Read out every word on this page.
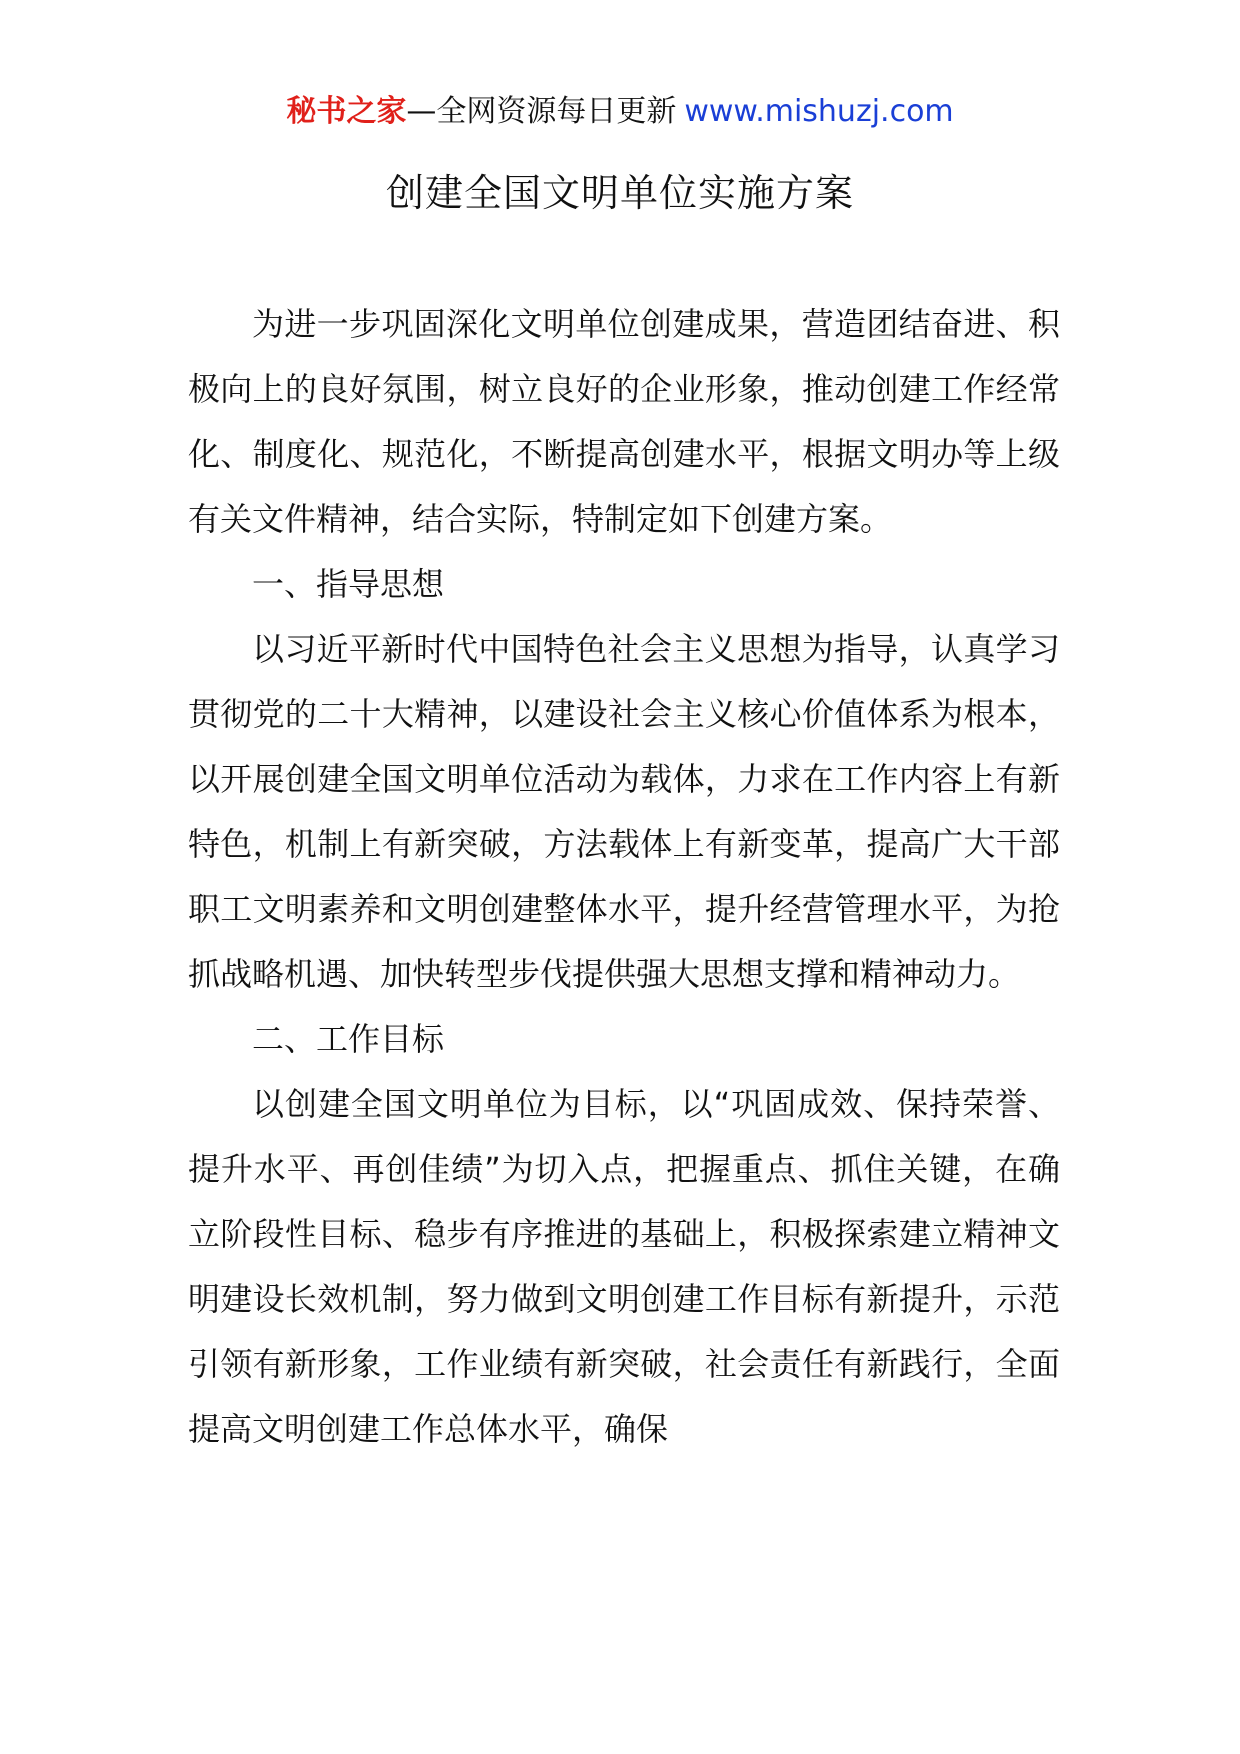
秘书之家—全网资源每日更新 www.mishuzj.com
创建全国文明单位实施方案

为进一步巩固深化文明单位创建成果，营造团结奋进、积极向上的良好氛围，树立良好的企业形象，推动创建工作经常化、制度化、规范化，不断提高创建水平，根据文明办等上级有关文件精神，结合实际，特制定如下创建方案。

一、指导思想

以习近平新时代中国特色社会主义思想为指导，认真学习贯彻党的二十大精神，以建设社会主义核心价值体系为根本，以开展创建全国文明单位活动为载体，力求在工作内容上有新特色，机制上有新突破，方法载体上有新变革，提高广大干部职工文明素养和文明创建整体水平，提升经营管理水平，为抢抓战略机遇、加快转型步伐提供强大思想支撑和精神动力。

二、工作目标

以创建全国文明单位为目标，以“巩固成效、保持荣誉、提升水平、再创佳绩”为切入点，把握重点、抓住关键，在确立阶段性目标、稳步有序推进的基础上，积极探索建立精神文明建设长效机制，努力做到文明创建工作目标有新提升，示范引领有新形象，工作业绩有新突破，社会责任有新践行，全面提高文明创建工作总体水平，确保
